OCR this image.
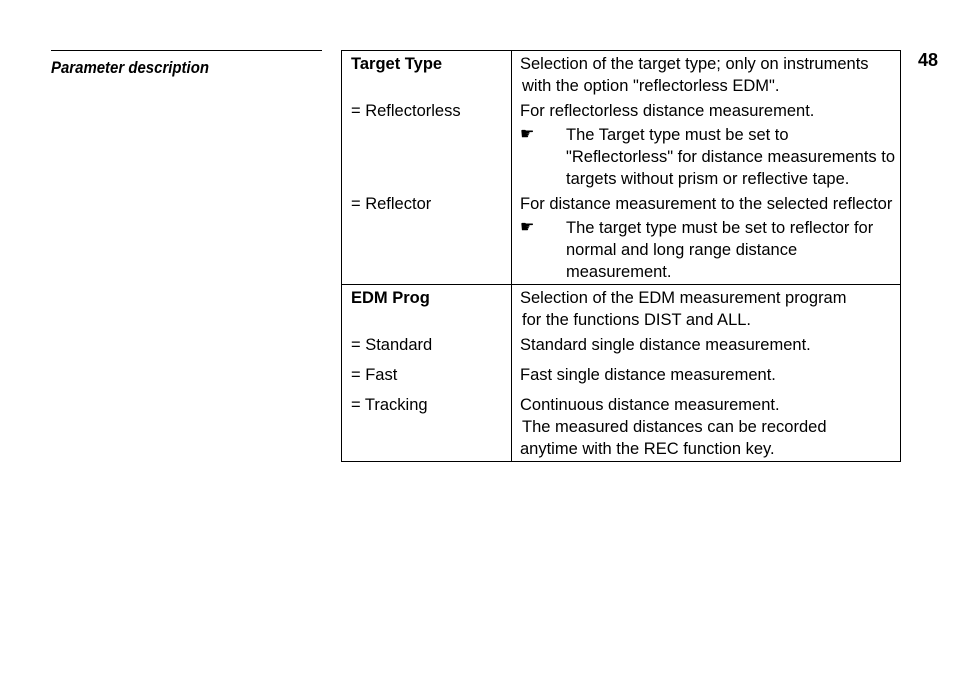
Parameter description	48
Target Type	Selection of the target type; only on instruments
with the option "reflectorless EDM".

= Reflectorless	For reflectorless distance measurement.
☛ The Target type must be set to "Reflectorless" for distance measurements to targets without prism or reflective tape.

= Reflector	For distance measurement to the selected reflector
☛ The target type must be set to reflector for normal and long range distance measurement.

EDM Prog	Selection of the EDM measurement program
for the functions DIST and ALL.

= Standard	Standard single distance measurement.
= Fast	Fast single distance measurement.
= Tracking	Continuous distance measurement.
The measured distances can be recorded
anytime with the REC function key.
